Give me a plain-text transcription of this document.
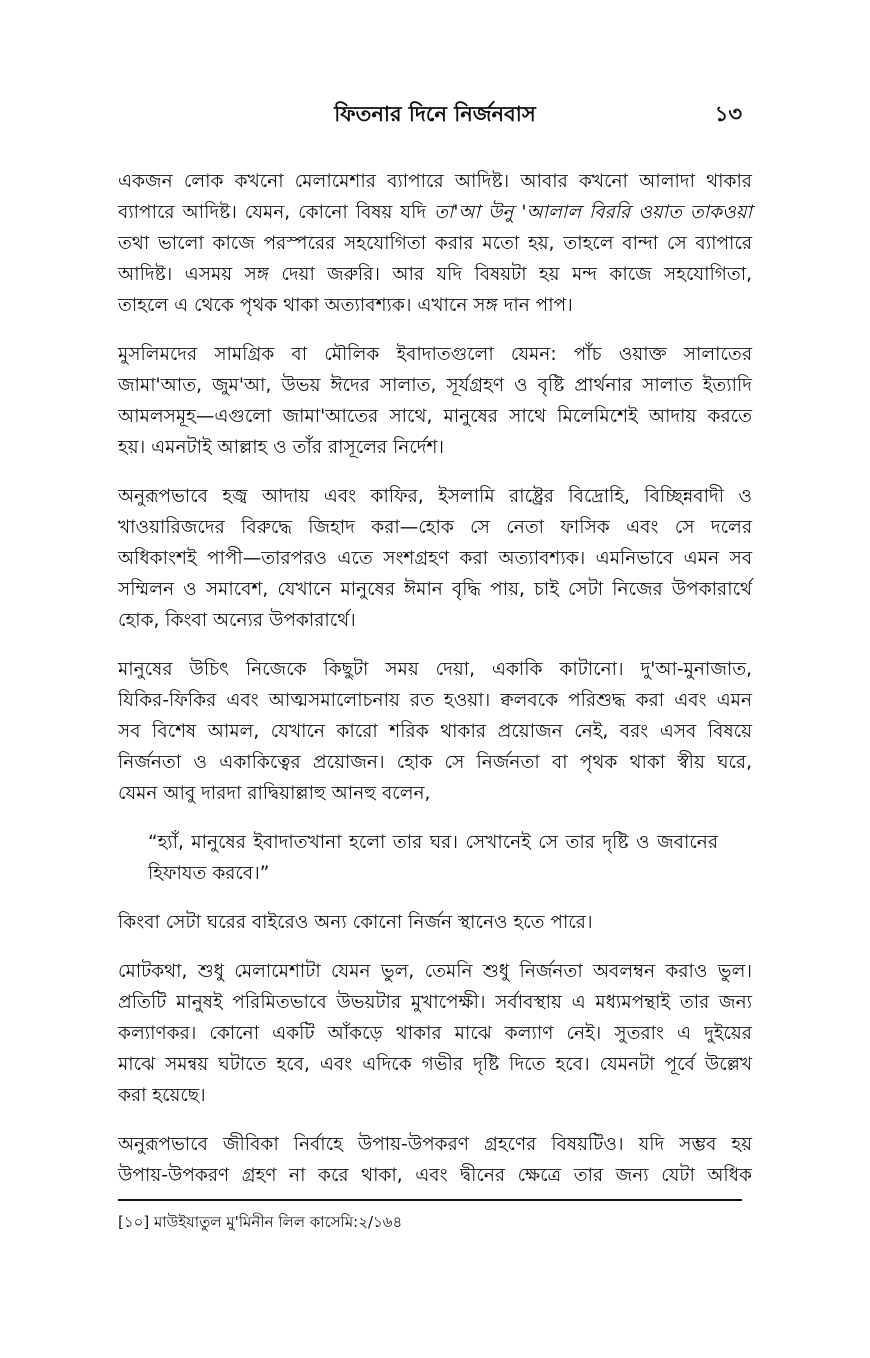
ফিতনার দিনে নির্জনবাস	১৩
একজন লোক কখনো মেলামেশার ব্যাপারে আদিষ্ট। আবার কখনো আলাদা থাকার
ব্যাপারে আদিষ্ট। যেমন, কোনো বিষয় যদি তা'আ উনু 'আলাল বিররি ওয়াত তাকওয়া
তথা ভালো কাজে পরস্পরের সহযোগিতা করার মতো হয়, তাহলে বান্দা সে ব্যাপারে
আদিষ্ট। এসময় সঙ্গ দেয়া জরুরি। আর যদি বিষয়টা হয় মন্দ কাজে সহযোগিতা,
তাহলে এ থেকে পৃথক থাকা অত্যাবশ্যক। এখানে সঙ্গ দান পাপ।
মুসলিমদের সামগ্রিক বা মৌলিক ইবাদাতগুলো যেমন: পাঁচ ওয়াক্ত সালাতের
জামা'আত, জুম'আ, উভয় ঈদের সালাত, সূর্যগ্রহণ ও বৃষ্টি প্রার্থনার সালাত ইত্যাদি
আমলসমূহ—এগুলো জামা'আতের সাথে, মানুষের সাথে মিলেমিশেই আদায় করতে
হয়। এমনটাই আল্লাহ ও তাঁর রাসূলের নির্দেশ।
অনুরূপভাবে হজ্ব আদায় এবং কাফির, ইসলামি রাষ্ট্রের বিদ্রোহি, বিচ্ছিন্নবাদী ও
খাওয়ারিজদের বিরুদ্ধে জিহাদ করা—হোক সে নেতা ফাসিক এবং সে দলের
অধিকাংশই পাপী—তারপরও এতে সংশগ্রহণ করা অত্যাবশ্যক। এমনিভাবে এমন সব
সম্মিলন ও সমাবেশ, যেখানে মানুষের ঈমান বৃদ্ধি পায়, চাই সেটা নিজের উপকারার্থে
হোক, কিংবা অন্যের উপকারার্থে।
মানুষের উচিৎ নিজেকে কিছুটা সময় দেয়া, একাকি কাটানো। দু'আ-মুনাজাত,
যিকির-ফিকির এবং আত্মসমালোচনায় রত হওয়া। ক্বলবকে পরিশুদ্ধ করা এবং এমন
সব বিশেষ আমল, যেখানে কারো শরিক থাকার প্রয়োজন নেই, বরং এসব বিষয়ে
নির্জনতা ও একাকিত্বের প্রয়োজন। হোক সে নির্জনতা বা পৃথক থাকা স্বীয় ঘরে,
যেমন আবু দারদা রাদ্বিয়াল্লাহু আনহু বলেন,
“হ্যাঁ, মানুষের ইবাদাতখানা হলো তার ঘর। সেখানেই সে তার দৃষ্টি ও জবানের
হিফাযত করবে।”
কিংবা সেটা ঘরের বাইরেও অন্য কোনো নির্জন স্থানেও হতে পারে।
মোটকথা, শুধু মেলামেশাটা যেমন ভুল, তেমনি শুধু নির্জনতা অবলম্বন করাও ভুল।
প্রতিটি মানুষই পরিমিতভাবে উভয়টার মুখাপেক্ষী। সর্বাবস্থায় এ মধ্যমপন্থাই তার জন্য
কল্যাণকর। কোনো একটি আঁকড়ে থাকার মাঝে কল্যাণ নেই। সুতরাং এ দুইয়ের
মাঝে সমন্বয় ঘটাতে হবে, এবং এদিকে গভীর দৃষ্টি দিতে হবে। যেমনটা পূর্বে উল্লেখ
করা হয়েছে।
অনুরূপভাবে জীবিকা নির্বাহে উপায়-উপকরণ গ্রহণের বিষয়টিও। যদি সম্ভব হয়
উপায়-উপকরণ গ্রহণ না করে থাকা, এবং দ্বীনের ক্ষেত্রে তার জন্য যেটা অধিক
[১০] মাউইযাতুল মু'মিনীন লিল কাসেমি:২/১৬৪
